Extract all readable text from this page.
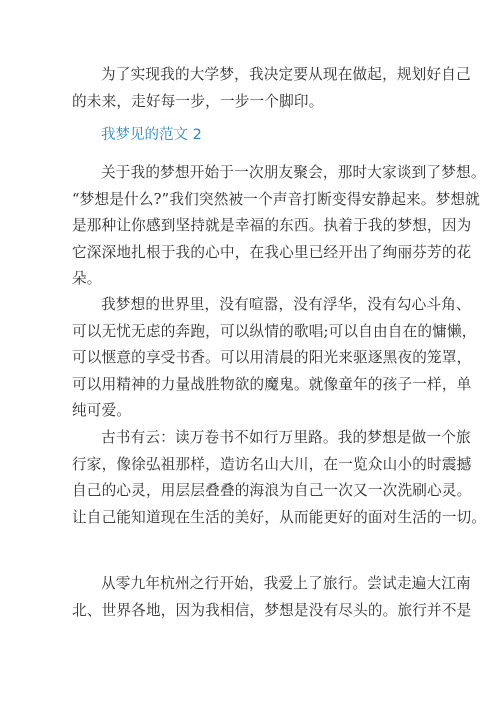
为了实现我的大学梦，我决定要从现在做起，规划好自己
的未来，走好每一步，一步一个脚印。

我梦见的范文 2

关于我的梦想开始于一次朋友聚会，那时大家谈到了梦想。
“梦想是什么?”我们突然被一个声音打断变得安静起来。梦想就
是那种让你感到坚持就是幸福的东西。执着于我的梦想，因为
它深深地扎根于我的心中，在我心里已经开出了绚丽芬芳的花
朵。

我梦想的世界里，没有喧嚣，没有浮华，没有勾心斗角、
可以无忧无虑的奔跑，可以纵情的歌唱;可以自由自在的慵懒，
可以惬意的享受书香。可以用清晨的阳光来驱逐黑夜的笼罩，
可以用精神的力量战胜物欲的魔鬼。就像童年的孩子一样，单
纯可爱。

古书有云：读万卷书不如行万里路。我的梦想是做一个旅
行家，像徐弘祖那样，造访名山大川，在一览众山小的时震撼
自己的心灵，用层层叠叠的海浪为自己一次又一次洗刷心灵。
让自己能知道现在生活的美好，从而能更好的面对生活的一切。

从零九年杭州之行开始，我爱上了旅行。尝试走遍大江南
北、世界各地，因为我相信，梦想是没有尽头的。旅行并不是
